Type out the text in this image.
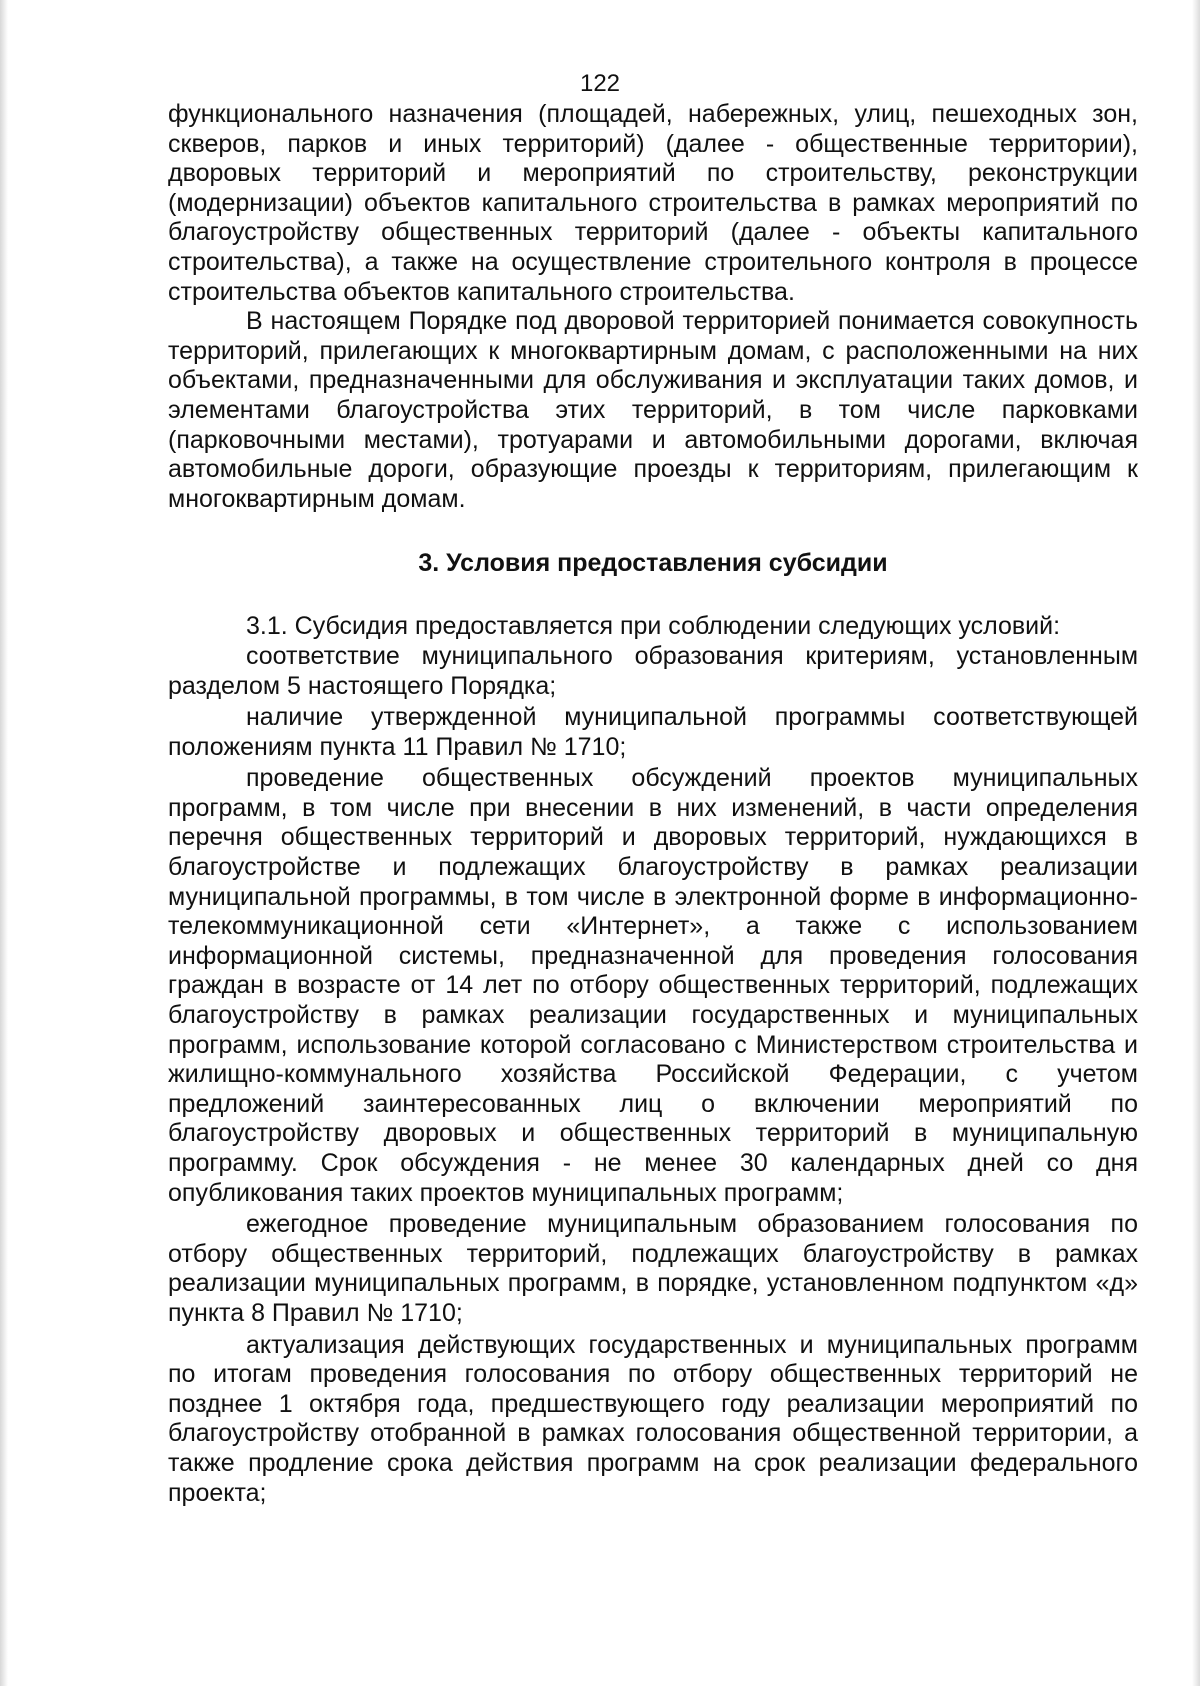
122

функционального назначения (площадей, набережных, улиц, пешеходных зон, скверов, парков и иных территорий) (далее - общественные территории), дворовых территорий и мероприятий по строительству, реконструкции (модернизации) объектов капитального строительства в рамках мероприятий по благоустройству общественных территорий (далее - объекты капитального строительства), а также на осуществление строительного контроля в процессе строительства объектов капитального строительства.

В настоящем Порядке под дворовой территорией понимается совокупность территорий, прилегающих к многоквартирным домам, с расположенными на них объектами, предназначенными для обслуживания и эксплуатации таких домов, и элементами благоустройства этих территорий, в том числе парковками (парковочными местами), тротуарами и автомобильными дорогами, включая автомобильные дороги, образующие проезды к территориям, прилегающим к многоквартирным домам.

3. Условия предоставления субсидии

3.1. Субсидия предоставляется при соблюдении следующих условий:

соответствие муниципального образования критериям, установленным разделом 5 настоящего Порядка;

наличие утвержденной муниципальной программы соответствующей положениям пункта 11 Правил № 1710;

проведение общественных обсуждений проектов муниципальных программ, в том числе при внесении в них изменений, в части определения перечня общественных территорий и дворовых территорий, нуждающихся в благоустройстве и подлежащих благоустройству в рамках реализации муниципальной программы, в том числе в электронной форме в информационно-телекоммуникационной сети «Интернет», а также с использованием информационной системы, предназначенной для проведения голосования граждан в возрасте от 14 лет по отбору общественных территорий, подлежащих благоустройству в рамках реализации государственных и муниципальных программ, использование которой согласовано с Министерством строительства и жилищно-коммунального хозяйства Российской Федерации, с учетом предложений заинтересованных лиц о включении мероприятий по благоустройству дворовых и общественных территорий в муниципальную программу. Срок обсуждения - не менее 30 календарных дней со дня опубликования таких проектов муниципальных программ;

ежегодное проведение муниципальным образованием голосования по отбору общественных территорий, подлежащих благоустройству в рамках реализации муниципальных программ, в порядке, установленном подпунктом «д» пункта 8 Правил № 1710;

актуализация действующих государственных и муниципальных программ по итогам проведения голосования по отбору общественных территорий не позднее 1 октября года, предшествующего году реализации мероприятий по благоустройству отобранной в рамках голосования общественной территории, а также продление срока действия программ на срок реализации федерального проекта;
